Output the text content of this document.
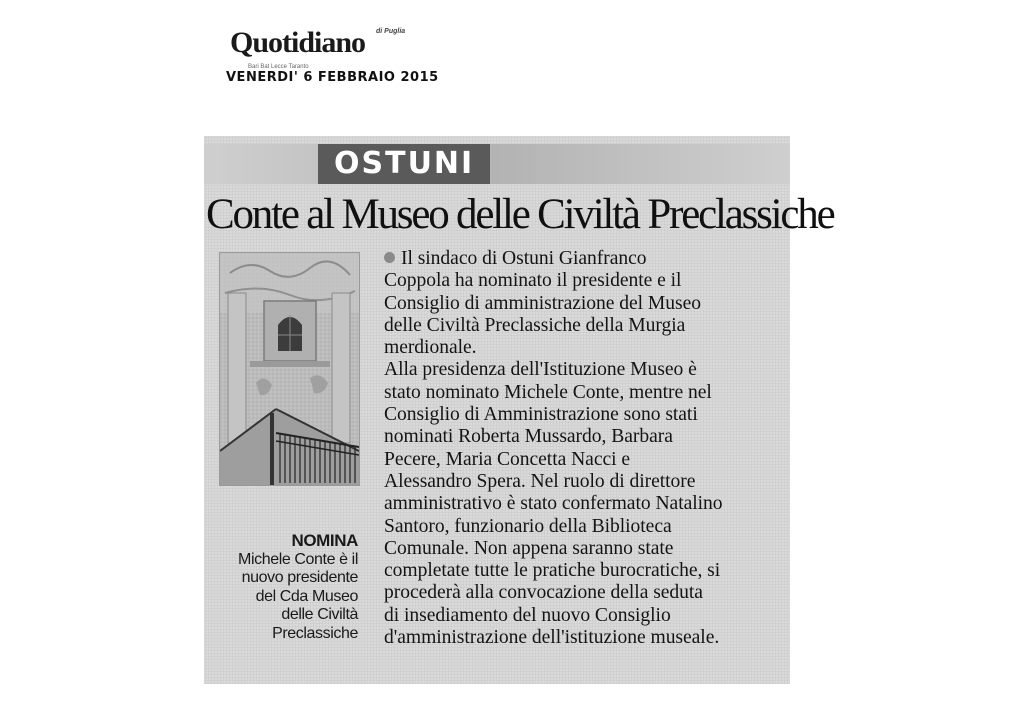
di Puglia
Quotidiano
Bari Bat Lecce Taranto
VENERDI' 6 FEBBRAIO 2015
OSTUNI
Conte al Museo delle Civiltà Preclassiche
NOMINA
Michele Conte è il
nuovo presidente
del Cda Museo
delle Civiltà
Preclassiche

Il sindaco di Ostuni Gianfranco
Coppola ha nominato il presidente e il
Consiglio di amministrazione del Museo
delle Civiltà Preclassiche della Murgia
merdionale.

Alla presidenza dell'Istituzione Museo è
stato nominato Michele Conte, mentre nel
Consiglio di Amministrazione sono stati
nominati Roberta Mussardo, Barbara
Pecere, Maria Concetta Nacci e
Alessandro Spera. Nel ruolo di direttore
amministrativo è stato confermato Natalino
Santoro, funzionario della Biblioteca
Comunale. Non appena saranno state
completate tutte le pratiche burocratiche, si
procederà alla convocazione della seduta
di insediamento del nuovo Consiglio
d'amministrazione dell'istituzione museale.
